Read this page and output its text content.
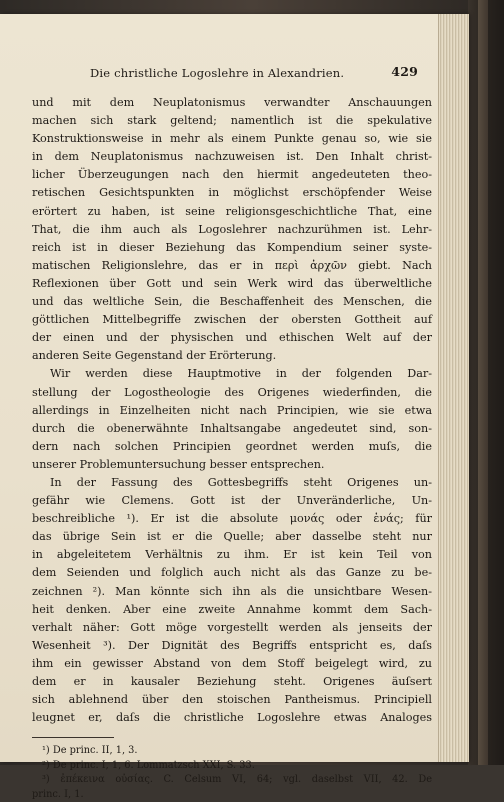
Die christliche Logoslehre in Alexandrien.	429
und mit dem Neuplatonismus verwandter Anschauungen
machen sich stark geltend; namentlich ist die spekulative
Konstruktionsweise in mehr als einem Punkte genau so, wie sie
in dem Neuplatonismus nachzuweisen ist. Den Inhalt christ-
licher Überzeugungen nach den hiermit angedeuteten theo-
retischen Gesichtspunkten in möglichst erschöpfender Weise
erörtert zu haben, ist seine religionsgeschichtliche That, eine
That, die ihm auch als Logoslehrer nachzurühmen ist. Lehr-
reich ist in dieser Beziehung das Kompendium seiner syste-
matischen Religionslehre, das er in περὶ ἀρχῶν giebt. Nach
Reflexionen über Gott und sein Werk wird das überweltliche
und das weltliche Sein, die Beschaffenheit des Menschen, die
göttlichen Mittelbegriffe zwischen der obersten Gottheit auf
der einen und der physischen und ethischen Welt auf der
anderen Seite Gegenstand der Erörterung.
Wir werden diese Hauptmotive in der folgenden Dar-
stellung der Logostheologie des Origenes wiederfinden, die
allerdings in Einzelheiten nicht nach Principien, wie sie etwa
durch die obenerwähnte Inhaltsangabe angedeutet sind, son-
dern nach solchen Principien geordnet werden muſs, die
unserer Problemuntersuchung besser entsprechen.
In der Fassung des Gottesbegriffs steht Origenes un-
gefähr wie Clemens. Gott ist der Unveränderliche, Un-
beschreibliche ¹). Er ist die absolute μονάς oder ἑνάς; für
das übrige Sein ist er die Quelle; aber dasselbe steht nur
in abgeleitetem Verhältnis zu ihm. Er ist kein Teil von
dem Seienden und folglich auch nicht als das Ganze zu be-
zeichnen ²). Man könnte sich ihn als die unsichtbare Wesen-
heit denken. Aber eine zweite Annahme kommt dem Sach-
verhalt näher: Gott möge vorgestellt werden als jenseits der
Wesenheit ³). Der Dignität des Begriffs entspricht es, daſs
ihm ein gewisser Abstand von dem Stoff beigelegt wird, zu
dem er in kausaler Beziehung steht. Origenes äuſsert
sich ablehnend über den stoischen Pantheismus. Principiell
leugnet er, daſs die christliche Logoslehre etwas Analoges
¹) De princ. II, 1, 3.
²) De princ. I, 1, 6. Lommatzsch XXI, S. 33.
³) ἐπέκεινα οὐσίας. C. Celsum VI, 64; vgl. daselbst VII, 42. De
princ. I, 1.
